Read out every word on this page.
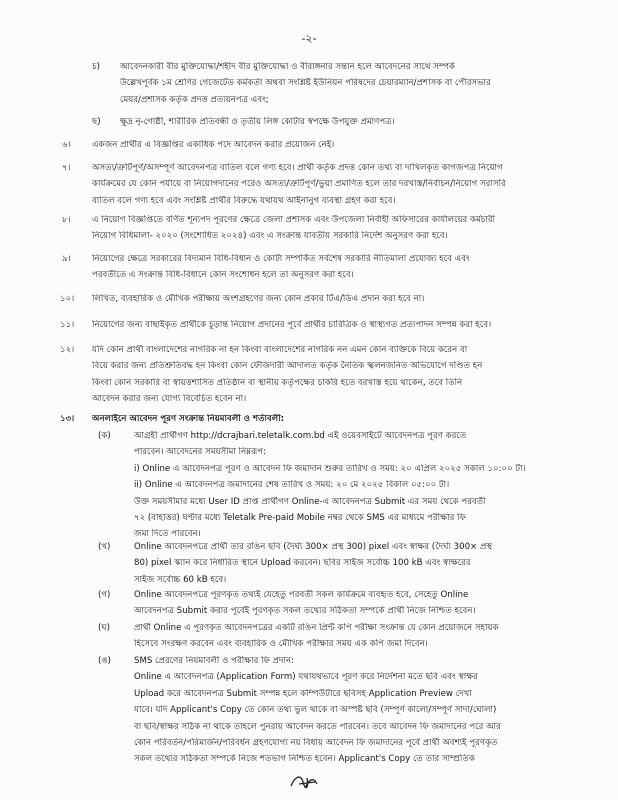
-২-
চ) আবেদনকারী বীর মুক্তিযোদ্ধা/শহীদ বীর মুক্তিযোদ্ধা ও বীরাঙ্গনার সন্তান হলে আবেদনের সাথে সম্পর্ক
উল্লেখপূর্বক ১ম শ্রেণির গেজেটেড কর্মকর্তা অথবা সংশ্লিষ্ট ইউনিয়ন পরিষদের চেয়ারম্যান/প্রশাসক বা পৌরসভার
মেয়র/প্রশাসক কর্তৃক প্রদত্ত প্রত্যয়নপত্র এবং;
ছ) ক্ষুদ্র নৃ-গোষ্ঠী, শারীরিক প্রতিবন্ধী ও তৃতীয় লিঙ্গ কোটার স্বপক্ষে উপযুক্ত প্রমাণপত্র।
৬। একজন প্রার্থীর এ বিজ্ঞপ্তির একাধিক পদে আবেদন করার প্রয়োজন নেই।
৭। অসত্য/ত্রুটিপূর্ণ/অসম্পূর্ণ আবেদনপত্র বাতিল বলে গণ্য হবে। প্রার্থী কর্তৃক প্রদত্ত কোন তথ্য বা দাখিলকৃত কাগজপত্র নিয়োগ
কার্যক্রমের যে কোন পর্যায়ে বা নিয়োগদানের পরেও অসত্য/ত্রুটিপূর্ণ/ভুয়া প্রমাণিত হলে তার দরখাস্ত/নির্বাচন/নিয়োগ সরাসরি
বাতিল বলে গণ্য হবে এবং সংশ্লিষ্ট প্রার্থীর বিরুদ্ধে যথাযথ আইনানুগ ব্যবস্থা গ্রহণ করা হবে।
৮। এ নিয়োগ বিজ্ঞপ্তিতে বর্ণিত শূন্যপদ পূরণের ক্ষেত্রে জেলা প্রশাসক এবং উপজেলা নির্বাহী অফিসারের কার্যালয়ের কর্মচারী
নিয়োগ বিধিমালা- ২০২০ (সংশোধিত ২০২৪) এবং এ সংক্রান্ত যাবতীয় সরকারি নির্দেশ অনুসরণ করা হবে।
৯। নিয়োগের ক্ষেত্রে সরকারের বিদ্যমান বিধি-বিধান ও কোটা সম্পর্কিত সর্বশেষ সরকারি নীতিমালা প্রযোজ্য হবে এবং
পরবর্তীতে এ সংক্রান্ত বিধি-বিধানে কোন সংশোধন হলে তা অনুসরণ করা হবে।
১০। লিখিত, ব্যবহারিক ও মৌখিক পরীক্ষায় অংশগ্রহণের জন্য কোন প্রকার টিএ/ডিএ প্রদান করা হবে না।
১১। নিয়োগের জন্য বাছাইকৃত প্রার্থীকে চূড়ান্ত নিয়োগ প্রদানের পূর্বে প্রার্থীর চারিত্রিক ও স্বাস্থ্যগত প্রত্যপাদন সম্পন্ন করা হবে।
১২। যদি কোন প্রার্থী বাংলাদেশের নাগরিক না হন কিংবা বাংলাদেশের নাগরিক নন এমন কোন ব্যক্তিকে বিয়ে করেন বা
বিয়ে করার জন্য প্রতিশ্রুতিবদ্ধ হন কিংবা কোন ফৌজদারী আদালত কর্তৃক নৈতিক স্খলনজনিত অভিযোগে দণ্ডিত হন
কিংবা কোন সরকারি বা স্বায়ত্তশাসিত প্রতিষ্ঠান বা স্থানীয় কর্তৃপক্ষের চাকরি হতে বরখাস্ত হয়ে থাকেন, তবে তিনি
আবেদন করার জন্য যোগ্য বিবেচিত হবেন না।
১৩। অনলাইনে আবেদন পূরণ সংক্রান্ত নিয়মাবলী ও শর্তাবলী:
(ক)	আগ্রহী প্রার্থীগণ http://dcrajbari.teletalk.com.bd এই ওয়েবসাইটে আবেদনপত্র পূরণ করতে
পারবেন। আবেদনের সময়সীমা নিম্নরূপ:
i) Online এ আবেদনপত্র পূরণ ও আবেদন ফি জমাদান শুরুর তারিখ ও সময়: ২০ এপ্রিল ২০২৫ সকাল ১০:০০ টা।
ii) Online এ আবেদনপত্র জমাদানের শেষ তারিখ ও সময়: ২০ মে ২০২৫ বিকাল ০৫:০০ টা।
উক্ত সময়সীমার মধ্যে User ID প্রাপ্ত প্রার্থীগণ Online-এ আবেদনপত্র Submit এর সময় থেকে পরবর্তী
৭২ (বাহাত্তর) ঘণ্টার মধ্যে Teletalk Pre-paid Mobile নম্বর থেকে SMS এর মাধ্যমে পরীক্ষার ফি
জমা দিতে পারবেন।
(খ)	Online আবেদনপত্রে প্রার্থী তার রঙিন ছবি (দৈর্ঘ্য 300× প্রস্থ 300) pixel এবং স্বাক্ষর (দৈর্ঘ্য 300× প্রস্থ
80) pixel স্ক্যান করে নির্ধারিত স্থানে Upload করবেন। ছবির সাইজ সর্বোচ্চ 100 kB এবং স্বাক্ষরের
সাইজ সর্বোচ্চ 60 kB হবে।
(গ)	Online আবেদনপত্রে পূরণকৃত তথ্যই যেহেতু পরবর্তী সকল কার্যক্রমে ব্যবহৃত হবে, সেহেতু Online
আবেদনপত্র Submit করার পূর্বেই পূরণকৃত সকল তথ্যের সঠিকতা সম্পর্কে প্রার্থী নিজে নিশ্চিত হবেন।
(ঘ)	প্রার্থী Online এ পূরণকৃত আবেদনপত্রের একটি রঙিন প্রিন্ট কপি পরীক্ষা সংক্রান্ত যে কোন প্রয়োজনে সহায়ক
হিসেবে সংরক্ষণ করবেন এবং ব্যবহারিক ও মৌখিক পরীক্ষার সময় এক কপি জমা দিবেন।
(ঙ)	SMS প্রেরণের নিয়মাবলী ও পরীক্ষার ফি প্রদান:
Online এ আবেদনপত্র (Application Form) যথাযথভাবে পূরণ করে নির্দেশনা মতে ছবি এবং স্বাক্ষর
Upload করে আবেদনপত্র Submit সম্পন্ন হলে কম্পিউটারে ছবিসহ Application Preview দেখা
যাবে। যদি Applicant's Copy তে কোন তথ্য ভুল থাকে বা অস্পষ্ট ছবি (সম্পূর্ণ কালো/সম্পূর্ণ সাদা/ঘোলা)
বা ছবি/স্বাক্ষর সঠিক না থাকে তাহলে পুনরায় আবেদন করতে পারবেন। তবে আবেদন ফি জমাদানের পরে আর
কোন পরিবর্তন/পরিমার্জন/পরিবর্ধন গ্রহণযোগ্য নয় বিধায় আবেদন ফি জমাদানের পূর্বে প্রার্থী অবশ্যই পূরণকৃত
সকল তথ্যের সঠিকতা সম্পর্কে নিজে শতভাগ নিশ্চিত হবেন। Applicant's Copy তে তার সাম্প্রতিক
